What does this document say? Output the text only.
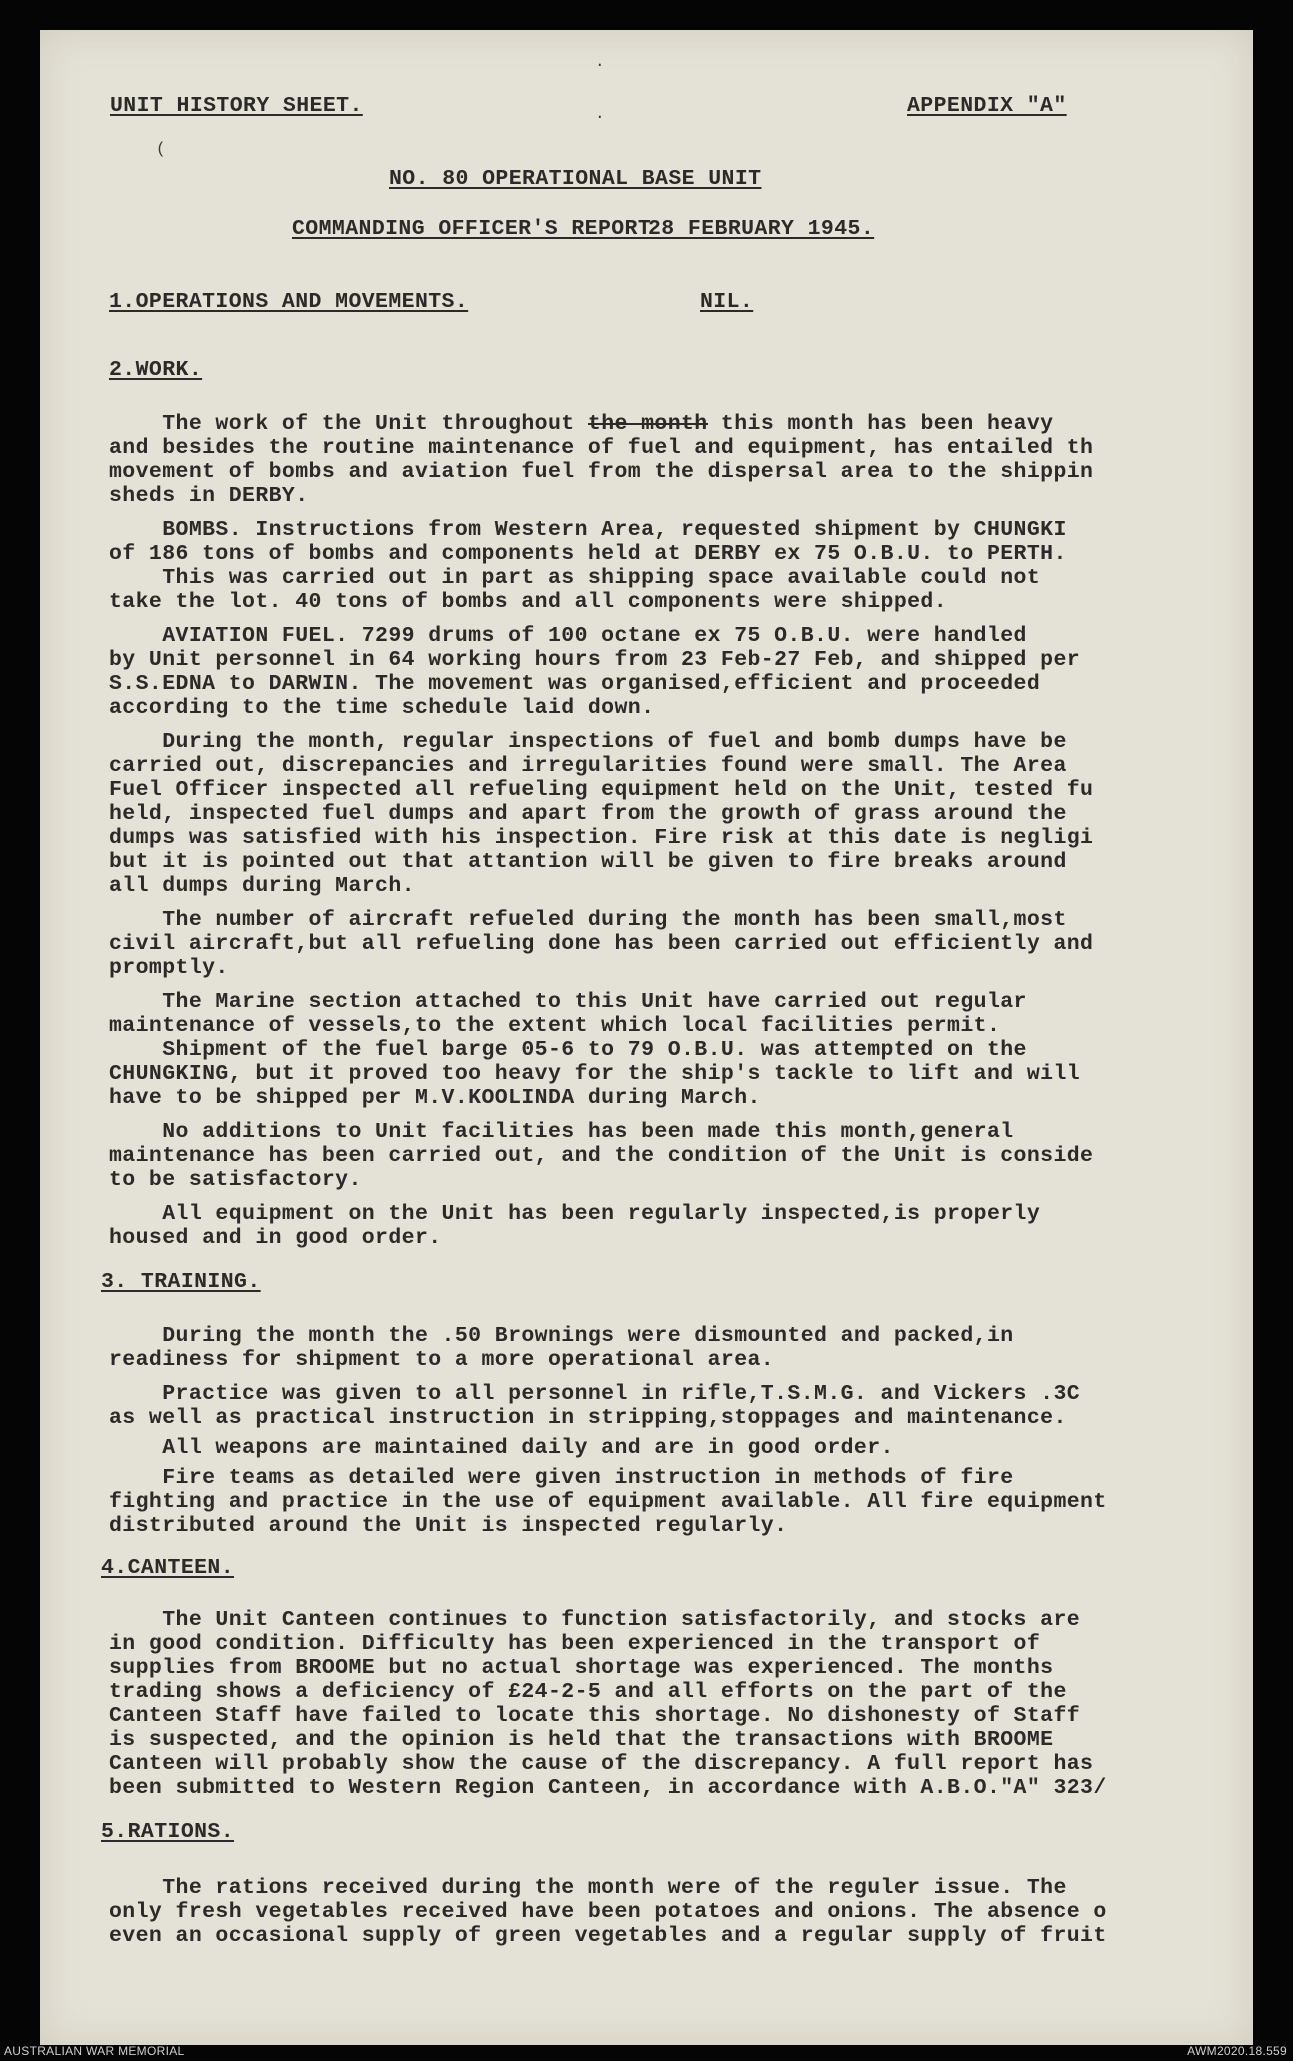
UNIT HISTORY SHEET.	APPENDIX "A"
NO. 80 OPERATIONAL BASE UNIT
COMMANDING OFFICER'S REPORT
28 FEBRUARY 1945.
(
·
·
1.OPERATIONS AND MOVEMENTS.	NIL.
2.WORK.
The work of the Unit throughout the month this month has been heavy
and besides the routine maintenance of fuel and equipment, has entailed th
movement of bombs and aviation fuel from the dispersal area to the shippin
sheds in DERBY.
BOMBS. Instructions from Western Area, requested shipment by CHUNGKI
of 186 tons of bombs and components held at DERBY ex 75 O.B.U. to PERTH.
This was carried out in part as shipping space available could not
take the lot. 40 tons of bombs and all components were shipped.
AVIATION FUEL. 7299 drums of 100 octane ex 75 O.B.U. were handled
by Unit personnel in 64 working hours from 23 Feb-27 Feb, and shipped per
S.S.EDNA to DARWIN. The movement was organised,efficient and proceeded
according to the time schedule laid down.
During the month, regular inspections of fuel and bomb dumps have be
carried out, discrepancies and irregularities found were small. The Area
Fuel Officer inspected all refueling equipment held on the Unit, tested fu
held, inspected fuel dumps and apart from the growth of grass around the
dumps was satisfied with his inspection. Fire risk at this date is negligi
but it is pointed out that attantion will be given to fire breaks around
all dumps during March.
The number of aircraft refueled during the month has been small,most
civil aircraft,but all refueling done has been carried out efficiently and
promptly.
The Marine section attached to this Unit have carried out regular
maintenance of vessels,to the extent which local facilities permit.
Shipment of the fuel barge 05-6 to 79 O.B.U. was attempted on the
CHUNGKING, but it proved too heavy for the ship's tackle to lift and will
have to be shipped per M.V.KOOLINDA during March.
No additions to Unit facilities has been made this month,general
maintenance has been carried out, and the condition of the Unit is conside
to be satisfactory.
All equipment on the Unit has been regularly inspected,is properly
housed and in good order.
3. TRAINING.
During the month the .50 Brownings were dismounted and packed,in
readiness for shipment to a more operational area.
Practice was given to all personnel in rifle,T.S.M.G. and Vickers .3C
as well as practical instruction in stripping,stoppages and maintenance.
All weapons are maintained daily and are in good order.
Fire teams as detailed were given instruction in methods of fire
fighting and practice in the use of equipment available. All fire equipment
distributed around the Unit is inspected regularly.
4.CANTEEN.
The Unit Canteen continues to function satisfactorily, and stocks are
in good condition. Difficulty has been experienced in the transport of
supplies from BROOME but no actual shortage was experienced. The months
trading shows a deficiency of £24-2-5 and all efforts on the part of the
Canteen Staff have failed to locate this shortage. No dishonesty of Staff
is suspected, and the opinion is held that the transactions with BROOME
Canteen will probably show the cause of the discrepancy. A full report has
been submitted to Western Region Canteen, in accordance with A.B.O."A" 323/
5.RATIONS.
The rations received during the month were of the reguler issue. The
only fresh vegetables received have been potatoes and onions. The absence o
even an occasional supply of green vegetables and a regular supply of fruit
AUSTRALIAN WAR MEMORIAL	AWM2020.18.559
